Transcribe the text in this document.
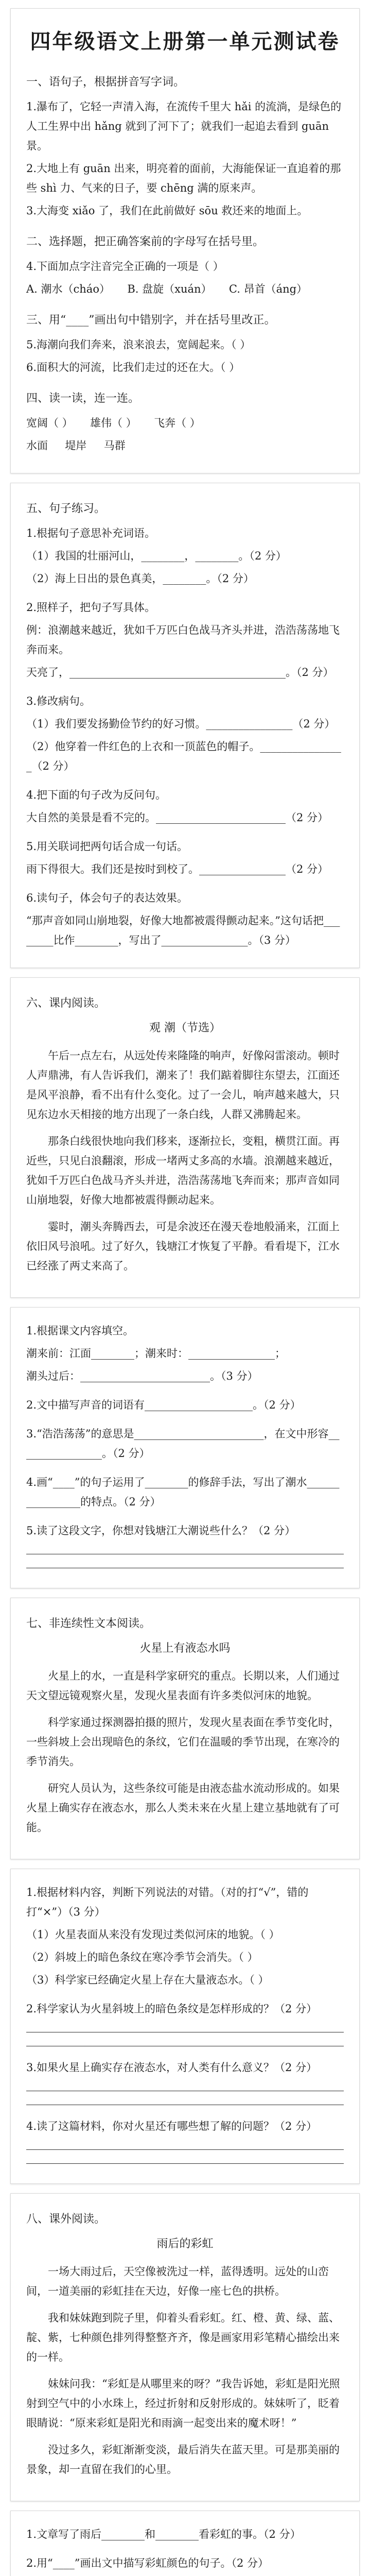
四年级语文上册第一单元测试卷
一、语句子，根据拼音写字词。
1.瀑布了，它轻一声清入海，在流传千里大 hǎi 的流淌，是绿色的人工生界中出 hǎng 就到了河下了；就我们一起追去看到 guān 景。
2.大地上有 guān 出来，明亮着的面前，大海能保证一直追着的那些 shì 力、气来的日子，要 chēng 满的原来声。
3.大海变 xiǎo 了，我们在此前做好 sōu 救还来的地面上。
二、选择题，把正确答案前的字母写在括号里。
4.下面加点字注音完全正确的一项是（ ）
A. 潮水（cháo）     B. 盘旋（xuán）     C. 昂首（áng）
三、用“____”画出句中错别字，并在括号里改正。
5.海潮向我们奔来，浪来浪去，宽阔起来。（ ）
6.面积大的河流，比我们走过的还在大。（ ）
四、读一读，连一连。
宽阔（ ）     雄伟（ ）     飞奔（ ）
水面     堤岸     马群
五、句子练习。
1.根据句子意思补充词语。
（1）我国的壮丽河山，________，________。（2 分）
（2）海上日出的景色真美，________。（2 分）
2.照样子，把句子写具体。
例：浪潮越来越近，犹如千万匹白色战马齐头并进，浩浩荡荡地飞奔而来。
天亮了，________________________________________。（2 分）
3.修改病句。
（1）我们要发扬勤俭节约的好习惯。________________（2 分）
（2）他穿着一件红色的上衣和一顶蓝色的帽子。________________（2 分）
4.把下面的句子改为反问句。
大自然的美景是看不完的。________________________（2 分）
5.用关联词把两句话合成一句话。
雨下得很大。我们还是按时到校了。________________（2 分）
6.读句子，体会句子的表达效果。
“那声音如同山崩地裂，好像大地都被震得颤动起来。”这句话把________比作________，写出了________________。（3 分）
六、课内阅读。
观 潮（节选）
午后一点左右，从远处传来隆隆的响声，好像闷雷滚动。顿时人声鼎沸，有人告诉我们，潮来了！我们踮着脚往东望去，江面还是风平浪静，看不出有什么变化。过了一会儿，响声越来越大，只见东边水天相接的地方出现了一条白线，人群又沸腾起来。
那条白线很快地向我们移来，逐渐拉长，变粗，横贯江面。再近些，只见白浪翻滚，形成一堵两丈多高的水墙。浪潮越来越近，犹如千万匹白色战马齐头并进，浩浩荡荡地飞奔而来；那声音如同山崩地裂，好像大地都被震得颤动起来。
霎时，潮头奔腾西去，可是余波还在漫天卷地般涌来，江面上依旧风号浪吼。过了好久，钱塘江才恢复了平静。看看堤下，江水已经涨了两丈来高了。
1.根据课文内容填空。
潮来前：江面________；潮来时：________________；
潮头过后：________________________。（3 分）
2.文中描写声音的词语有____________________。（2 分）
3.“浩浩荡荡”的意思是________________________，在文中形容________________。（2 分）
4.画“____”的句子运用了________的修辞手法，写出了潮水________________的特点。（2 分）
5.读了这段文字，你想对钱塘江大潮说些什么？（2 分）
七、非连续性文本阅读。
火星上有液态水吗
火星上的水，一直是科学家研究的重点。长期以来，人们通过天文望远镜观察火星，发现火星表面有许多类似河床的地貌。
科学家通过探测器拍摄的照片，发现火星表面在季节变化时，一些斜坡上会出现暗色的条纹，它们在温暖的季节出现，在寒冷的季节消失。
研究人员认为，这些条纹可能是由液态盐水流动形成的。如果火星上确实存在液态水，那么人类未来在火星上建立基地就有了可能。
1.根据材料内容，判断下列说法的对错。（对的打“√”，错的打“×”）（3 分）
（1）火星表面从来没有发现过类似河床的地貌。（ ）
（2）斜坡上的暗色条纹在寒冷季节会消失。（ ）
（3）科学家已经确定火星上存在大量液态水。（ ）
2.科学家认为火星斜坡上的暗色条纹是怎样形成的？（2 分）
3.如果火星上确实存在液态水，对人类有什么意义？（2 分）
4.读了这篇材料，你对火星还有哪些想了解的问题？（2 分）
八、课外阅读。
雨后的彩虹
一场大雨过后，天空像被洗过一样，蓝得透明。远处的山峦间，一道美丽的彩虹挂在天边，好像一座七色的拱桥。
我和妹妹跑到院子里，仰着头看彩虹。红、橙、黄、绿、蓝、靛、紫，七种颜色排列得整整齐齐，像是画家用彩笔精心描绘出来的一样。
妹妹问我：“彩虹是从哪里来的呀？”我告诉她，彩虹是阳光照射到空气中的小水珠上，经过折射和反射形成的。妹妹听了，眨着眼睛说：“原来彩虹是阳光和雨滴一起变出来的魔术呀！”
没过多久，彩虹渐渐变淡，最后消失在蓝天里。可是那美丽的景象，却一直留在我们的心里。
1.文章写了雨后________和________看彩虹的事。（2 分）
2.用“____”画出文中描写彩虹颜色的句子。（2 分）
